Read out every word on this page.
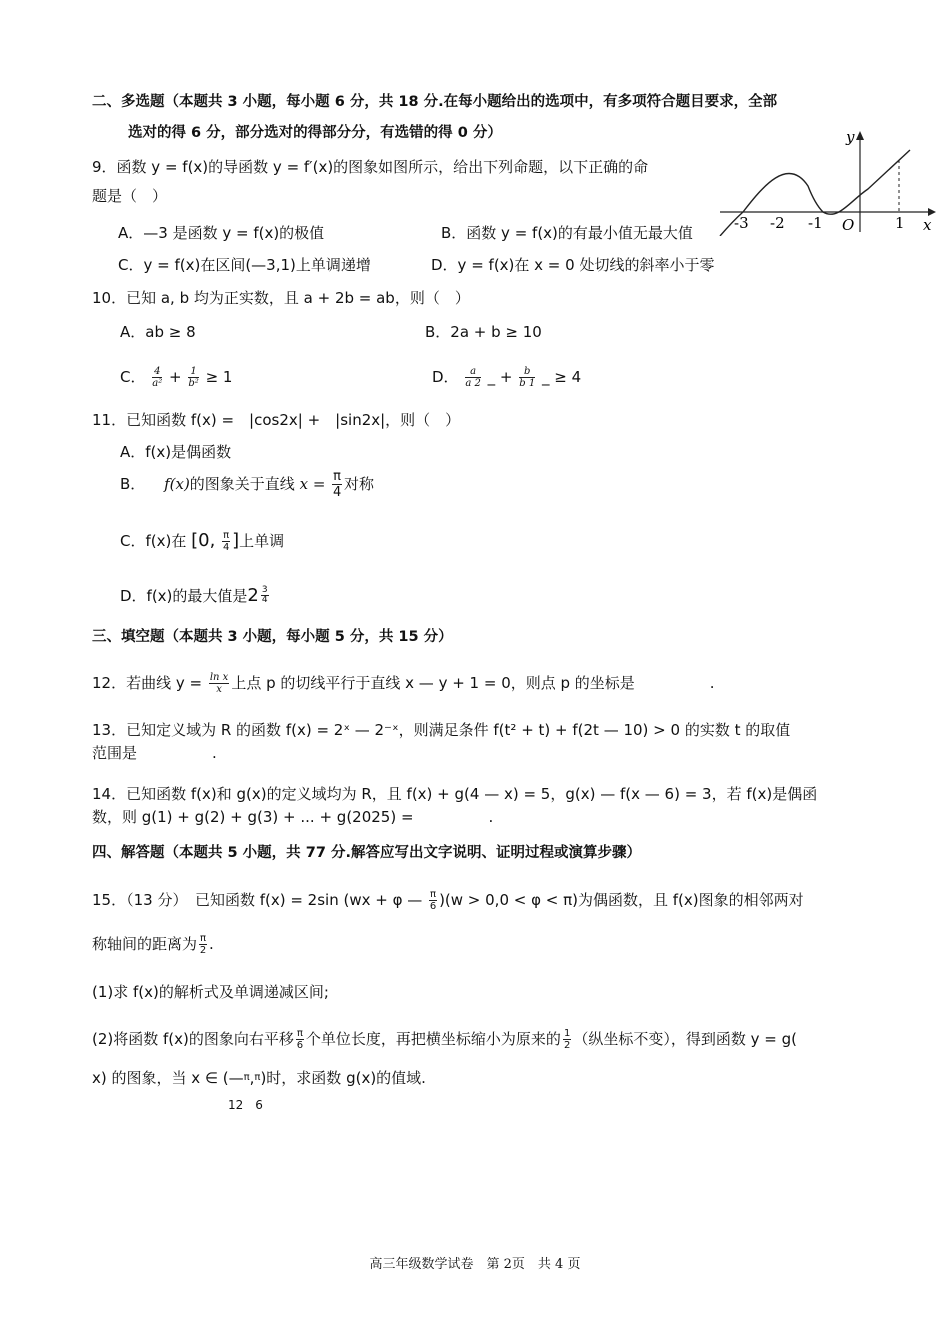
二、多选题（本题共 3 小题，每小题 6 分，共 18 分.在每小题给出的选项中，有多项符合题目要求，全部
选对的得 6 分，部分选对的得部分分，有选错的得 0 分）	y
x
O
-3 -2 -1	1
9．函数 y = f(x)的导函数 y = f′(x)的图象如图所示，给出下列命题，以下正确的命
题是（　）
A．—3 是函数 y = f(x)的极值	B．函数 y = f(x)的有最小值无最大值
C．y = f(x)在区间(—3,1)上单调递增	D．y = f(x)在 x = 0 处切线的斜率小于零
10．已知 a, b 均为正实数，且 a + 2b = ab，则（　）
A．ab ≥ 8	B．2a + b ≥ 10
C． $\frac{4}{\text{a²}} + \frac{1}{\text{b²}} \ge 1$	D． $\frac{a}{a 2}$ _ + $\frac{b}{b 1}$ _ ≥ 4
11．已知函数 f(x) =　|cos2x| +　|sin2x|，则（　）
A．f(x)是偶函数
B． f(x)的图象关于直线 $x = \frac{\pi}{4}$ 对称
C．f(x)在 [0, $\frac{\pi}{4}$ ]上单调
D．f(x)的最大值是$2 \frac{3}{4}$
三、填空题（本题共 3 小题，每小题 5 分，共 15 分）
12．若曲线 $y = \frac{\text{ln x}}{x}$ 上点 p 的切线平行于直线 x — y + 1 = 0，则点 p 的坐标是　　　　　.
13．已知定义域为 R 的函数 f(x) = 2ˣ — 2⁻ˣ，则满足条件 f(t² + t) + f(2t — 10) > 0 的实数 t 的取值
范围是　　　　　.
14．已知函数 f(x)和 g(x)的定义域均为 R，且 f(x) + g(4 — x) = 5，g(x) — f(x — 6) = 3，若 f(x)是偶函
数，则 g(1) + g(2) + g(3) + ... + g(2025) =　　　　　.
四、解答题（本题共 5 小题，共 77 分.解答应写出文字说明、证明过程或演算步骤）
15．（13 分）　已知函数 f(x) = 2sin (wx + φ — $\frac{\pi}{6} )(w > 0,0 < \varphi < \pi)$为偶函数，且 f(x)图象的相邻两对
称轴间的距离为 $\frac{\pi}{2}$ .
(1)求 f(x)的解析式及单调递减区间;
(2)将函数 f(x)的图象向右平移 $\frac{\pi}{6}$ 个单位长度，再把横坐标缩小为原来的 $\frac{1}{2}$ （纵坐标不变），得到函数 y = g(
x) 的图象，当 x ∈ (—$^\pi$,$^\pi$)时，求函数 g(x)的值域.
12　6
高三年级数学试卷　第 2页　共 4 页
